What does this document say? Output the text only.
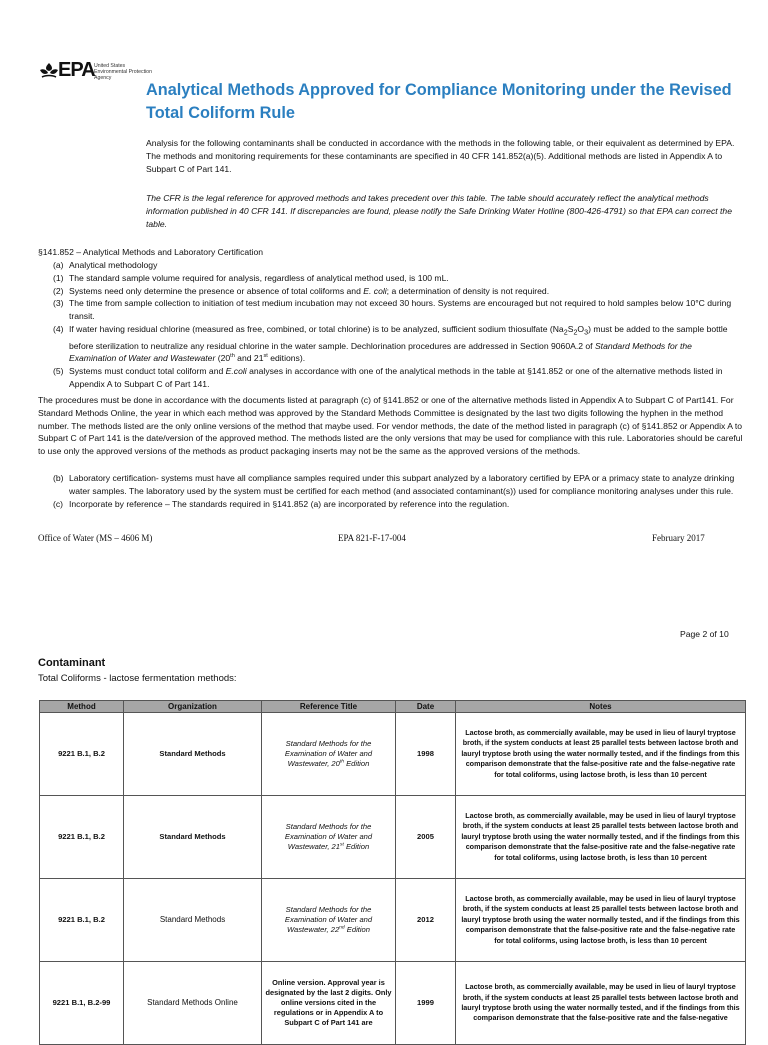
EPA United States
Environmental Protection
Agency
Analytical Methods Approved for Compliance Monitoring under the Revised Total Coliform Rule
Analysis for the following contaminants shall be conducted in accordance with the methods in the following table, or their equivalent as determined by EPA. The methods and monitoring requirements for these contaminants are specified in 40 CFR 141.852(a)(5). Additional methods are listed in Appendix A to Subpart C of Part 141.
The CFR is the legal reference for approved methods and takes precedent over this table. The table should accurately reflect the analytical methods information published in 40 CFR 141. If discrepancies are found, please notify the Safe Drinking Water Hotline (800-426-4791) so that EPA can correct the table.
§141.852 – Analytical Methods and Laboratory Certification
(a) Analytical methodology
(1) The standard sample volume required for analysis, regardless of analytical method used, is 100 mL.
(2) Systems need only determine the presence or absence of total coliforms and E. coli; a determination of density is not required.
(3) The time from sample collection to initiation of test medium incubation may not exceed 30 hours. Systems are encouraged but not required to hold samples below 10°C during transit.
(4) If water having residual chlorine (measured as free, combined, or total chlorine) is to be analyzed, sufficient sodium thiosulfate $(Na_2S_2O_3)$ must be added to the sample bottle before sterilization to neutralize any residual chlorine in the water sample. Dechlorination procedures are addressed in Section 9060A.2 of Standard Methods for the Examination of Water and Wastewater (20th and 21st editions).
(5) Systems must conduct total coliform and E.coli analyses in accordance with one of the analytical methods in the table at §141.852 or one of the alternative methods listed in Appendix A to Subpart C of Part 141.
The procedures must be done in accordance with the documents listed at paragraph (c) of §141.852 or one of the alternative methods listed in Appendix A to Subpart C of Part141. For Standard Methods Online, the year in which each method was approved by the Standard Methods Committee is designated by the last two digits following the hyphen in the method number. The methods listed are the only online versions of the method that maybe used. For vendor methods, the date of the method listed in paragraph (c) of §141.852 or Appendix A to Subpart C of Part 141 is the date/version of the approved method. The methods listed are the only versions that may be used for compliance with this rule. Laboratories should be careful to use only the approved versions of the methods as product packaging inserts may not be the same as the approved versions of the methods.
(b) Laboratory certification- systems must have all compliance samples required under this subpart analyzed by a laboratory certified by EPA or a primacy state to analyze drinking water samples. The laboratory used by the system must be certified for each method (and associated contaminant(s)) used for compliance monitoring analyses under this rule.
(c) Incorporate by reference – The standards required in §141.852 (a) are incorporated by reference into the regulation.
Office of Water (MS – 4606 M)	EPA 821-F-17-004	February 2017
Page 2 of 10
Contaminant
Total Coliforms - lactose fermentation methods:
Method	Organization	Reference Title	Date	Notes
9221 B.1, B.2	Standard Methods	Standard Methods for the Examination of Water and Wastewater, 20th Edition	1998	Lactose broth, as commercially available, may be used in lieu of lauryl tryptose broth, if the system conducts at least 25 parallel tests between lactose broth and lauryl tryptose broth using the water normally tested, and if the findings from this comparison demonstrate that the false-positive rate and the false-negative rate for total coliforms, using lactose broth, is less than 10 percent
9221 B.1, B.2	Standard Methods	Standard Methods for the Examination of Water and Wastewater, 21st Edition	2005	Lactose broth, as commercially available, may be used in lieu of lauryl tryptose broth, if the system conducts at least 25 parallel tests between lactose broth and lauryl tryptose broth using the water normally tested, and if the findings from this comparison demonstrate that the false-positive rate and the false-negative rate for total coliforms, using lactose broth, is less than 10 percent
9221 B.1, B.2	Standard Methods	Standard Methods for the Examination of Water and Wastewater, 22nd Edition	2012	Lactose broth, as commercially available, may be used in lieu of lauryl tryptose broth, if the system conducts at least 25 parallel tests between lactose broth and lauryl tryptose broth using the water normally tested, and if the findings from this comparison demonstrate that the false-positive rate and the false-negative rate for total coliforms, using lactose broth, is less than 10 percent
9221 B.1, B.2-99	Standard Methods Online	Online version. Approval year is designated by the last 2 digits. Only online versions cited in the regulations or in Appendix A to Subpart C of Part 141 are	1999	Lactose broth, as commercially available, may be used in lieu of lauryl tryptose broth, if the system conducts at least 25 parallel tests between lactose broth and lauryl tryptose broth using the water normally tested, and if the findings from this comparison demonstrate that the false-positive rate and the false-negative
